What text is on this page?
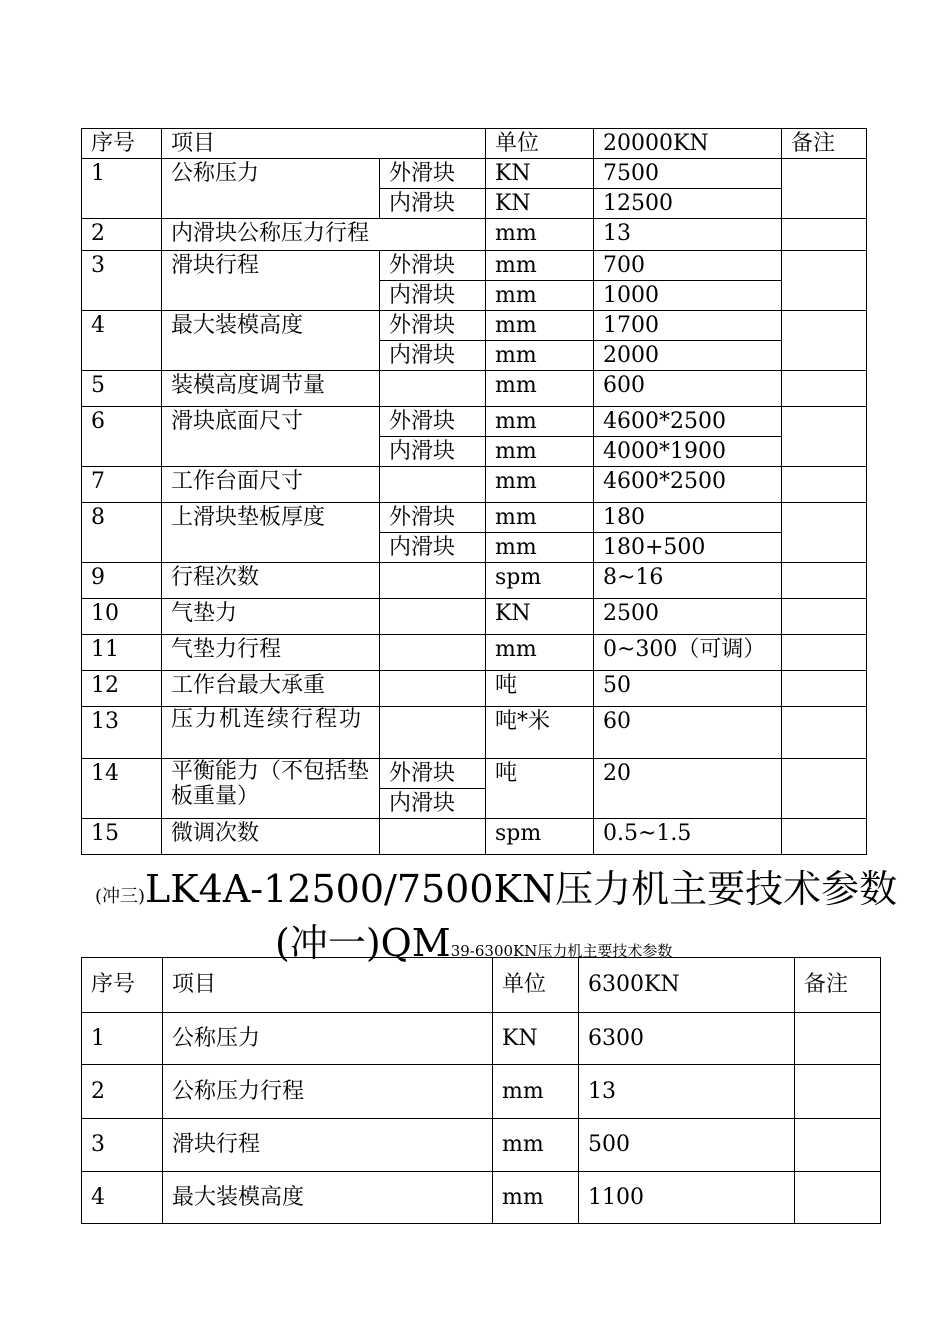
序号	项目		单位	20000KN	备注
1	公称压力	外滑块	KN	7500	
		内滑块	KN	12500	
2	内滑块公称压力行程		mm	13	
3	滑块行程	外滑块	mm	700	
		内滑块	mm	1000	
4	最大装模高度	外滑块	mm	1700	
		内滑块	mm	2000	
5	装模高度调节量		mm	600	
6	滑块底面尺寸	外滑块	mm	4600*2500	
		内滑块	mm	4000*1900	
7	工作台面尺寸		mm	4600*2500	
8	上滑块垫板厚度	外滑块	mm	180	
		内滑块	mm	180+500	
9	行程次数		spm	8~16	
10	气垫力		KN	2500	
11	气垫力行程		mm	0~300（可调）	
12	工作台最大承重		吨	50	
13	压力机连续行程功		吨*米	60	
14	平衡能力（不包括垫板重量）	外滑块	吨	20	
		内滑块			
15	微调次数		spm	0.5~1.5	
(冲三)LK4A-12500/7500KN压力机主要技术参数
(冲一)QM39-6300KN压力机主要技术参数
序号	项目	单位	6300KN	备注
1	公称压力	KN	6300	
2	公称压力行程	mm	13	
3	滑块行程	mm	500	
4	最大装模高度	mm	1100	
